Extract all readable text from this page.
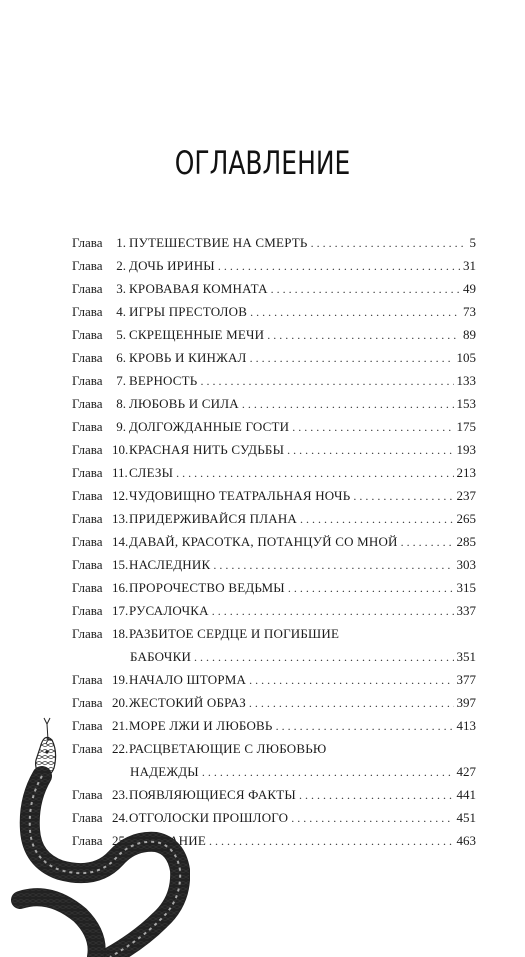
ОГЛАВЛЕНИЕ
Глава	1. ПУТЕШЕСТВИЕ НА СМЕРТЬ . . .	5
Глава	2. ДОЧЬ ИРИНЫ . . .	31
Глава	3. КРОВАВАЯ КОМНАТА . . .	49
Глава	4. ИГРЫ ПРЕСТОЛОВ . . .	73
Глава	5. СКРЕЩЕННЫЕ МЕЧИ . . .	89
Глава	6. КРОВЬ И КИНЖАЛ . . .	105
Глава	7. ВЕРНОСТЬ . . .	133
Глава	8. ЛЮБОВЬ И СИЛА . . .	153
Глава	9. ДОЛГОЖДАННЫЕ ГОСТИ . . .	175
Глава 10. КРАСНАЯ НИТЬ СУДЬБЫ . . .	193
Глава 11. СЛЕЗЫ . . .	213
Глава 12. ЧУДОВИЩНО ТЕАТРАЛЬНАЯ НОЧЬ . . .	237
Глава 13. ПРИДЕРЖИВАЙСЯ ПЛАНА . . .	265
Глава 14. ДАВАЙ, КРАСОТКА, ПОТАНЦУЙ СО МНОЙ . . .	285
Глава 15. НАСЛЕДНИК . . .	303
Глава 16. ПРОРОЧЕСТВО ВЕДЬМЫ . . .	315
Глава 17. РУСАЛОЧКА . . .	337
Глава 18. РАЗБИТОЕ СЕРДЦЕ И ПОГИБШИЕ
БАБОЧКИ . . .	351
Глава 19. НАЧАЛО ШТОРМА . . .	377
Глава 20. ЖЕСТОКИЙ ОБРАЗ . . .	397
Глава 21. МОРЕ ЛЖИ И ЛЮБОВЬ . . .	413
Глава 22. РАСЦВЕТАЮЩИЕ С ЛЮБОВЬЮ
НАДЕЖДЫ . . .	427
Глава 23. ПОЯВЛЯЮЩИЕСЯ ФАКТЫ . . .	441
Глава 24. ОТГОЛОСКИ ПРОШЛОГО . . .	451
Глава 25. ПРОЩАНИЕ . . .	463
